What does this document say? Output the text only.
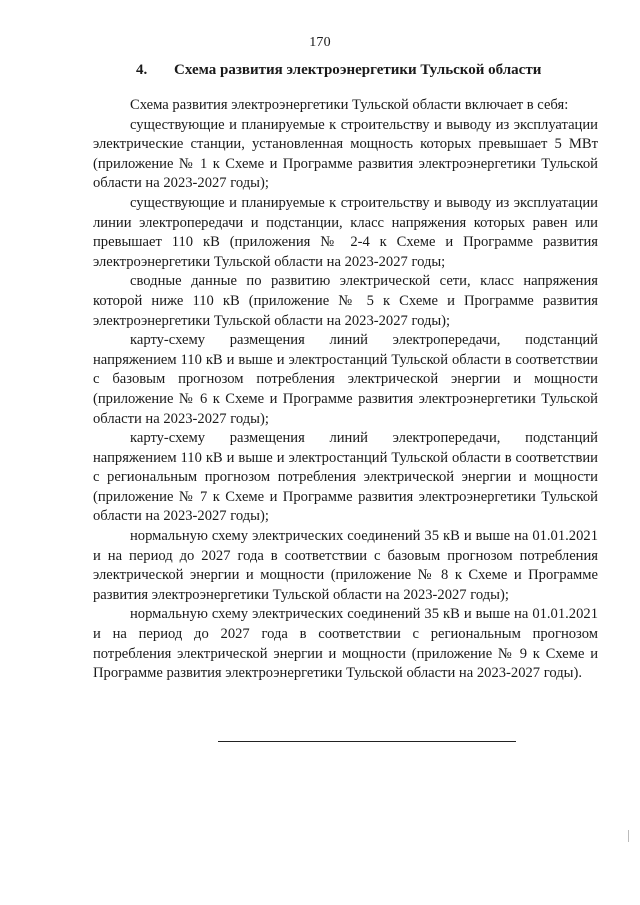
170
4. Схема развития электроэнергетики Тульской области

Схема развития электроэнергетики Тульской области включает в себя:

существующие и планируемые к строительству и выводу из эксплуатации электрические станции, установленная мощность которых превышает 5 МВт (приложение № 1 к Схеме и Программе развития электроэнергетики Тульской области на 2023-2027 годы);

существующие и планируемые к строительству и выводу из эксплуатации линии электропередачи и подстанции, класс напряжения которых равен или превышает 110 кВ (приложения № 2-4 к Схеме и Программе развития электроэнергетики Тульской области на 2023-2027 годы;

сводные данные по развитию электрической сети, класс напряжения которой ниже 110 кВ (приложение № 5 к Схеме и Программе развития электроэнергетики Тульской области на 2023-2027 годы);

карту-схему размещения линий электропередачи, подстанций напряжением 110 кВ и выше и электростанций Тульской области в соответствии с базовым прогнозом потребления электрической энергии и мощности (приложение № 6 к Схеме и Программе развития электроэнергетики Тульской области на 2023-2027 годы);

карту-схему размещения линий электропередачи, подстанций напряжением 110 кВ и выше и электростанций Тульской области в соответствии с региональным прогнозом потребления электрической энергии и мощности (приложение № 7 к Схеме и Программе развития электроэнергетики Тульской области на 2023-2027 годы);

нормальную схему электрических соединений 35 кВ и выше на 01.01.2021 и на период до 2027 года в соответствии с базовым прогнозом потребления электрической энергии и мощности (приложение № 8 к Схеме и Программе развития электроэнергетики Тульской области на 2023-2027 годы);

нормальную схему электрических соединений 35 кВ и выше на 01.01.2021 и на период до 2027 года в соответствии с региональным прогнозом потребления электрической энергии и мощности (приложение № 9 к Схеме и Программе развития электроэнергетики Тульской области на 2023-2027 годы).
